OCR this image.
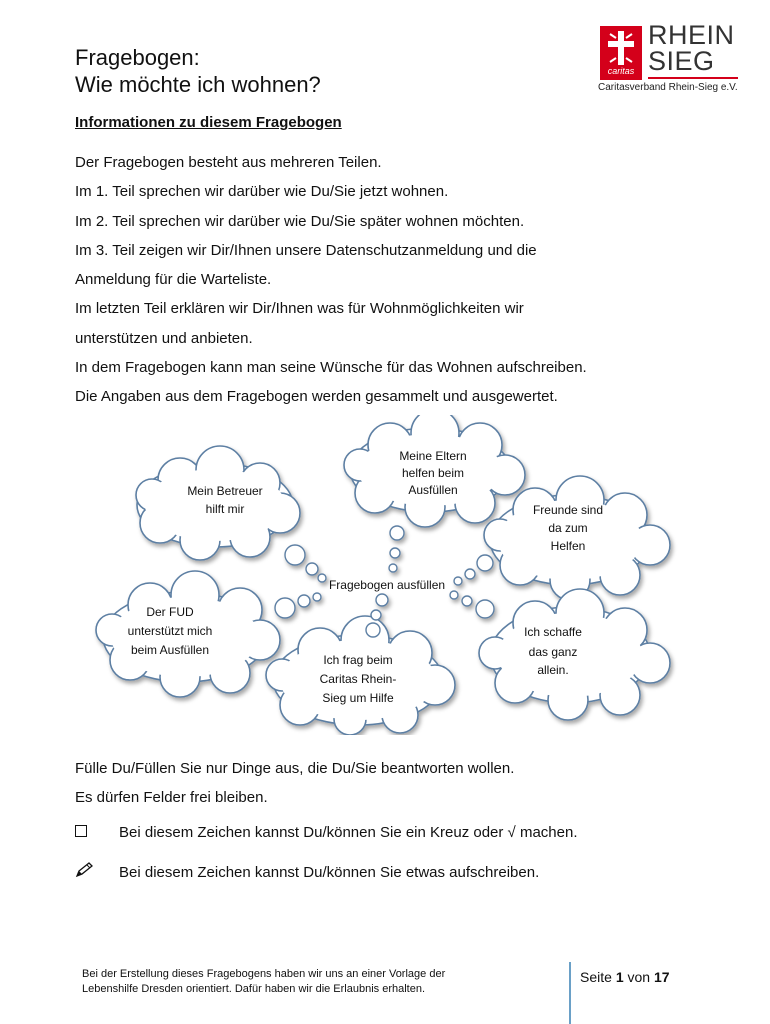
Fragebogen:
Wie möchte ich wohnen?
caritas
RHEIN
SIEG
Caritasverband Rhein-Sieg e.V.
Informationen zu diesem Fragebogen
Der Fragebogen besteht aus mehreren Teilen.
Im 1. Teil sprechen wir darüber wie Du/Sie jetzt wohnen.
Im 2. Teil sprechen wir darüber wie Du/Sie später wohnen möchten.
Im 3. Teil zeigen wir Dir/Ihnen unsere Datenschutzanmeldung und die
Anmeldung für die Warteliste.
Im letzten Teil erklären wir Dir/Ihnen was für Wohnmöglichkeiten wir
unterstützen und anbieten.
In dem Fragebogen kann man seine Wünsche für das Wohnen aufschreiben.
Die Angaben aus dem Fragebogen werden gesammelt und ausgewertet.
Mein Betreuer
hilft mir
Meine Eltern
helfen beim
Ausfüllen
Freunde sind
da zum
Helfen
Der FUD
unterstützt mich
beim Ausfüllen
Ich frag beim
Caritas Rhein-
Sieg um Hilfe
Ich schaffe
das ganz
allein.
Fragebogen ausfüllen
Fülle Du/Füllen Sie nur Dinge aus, die Du/Sie beantworten wollen.
Es dürfen Felder frei bleiben.
Bei diesem Zeichen kannst Du/können Sie ein Kreuz oder √ machen.
Bei diesem Zeichen kannst Du/können Sie etwas aufschreiben.
Bei der Erstellung dieses Fragebogens haben wir uns an einer Vorlage der
Lebenshilfe Dresden orientiert. Dafür haben wir die Erlaubnis erhalten.
Seite 1 von 17
